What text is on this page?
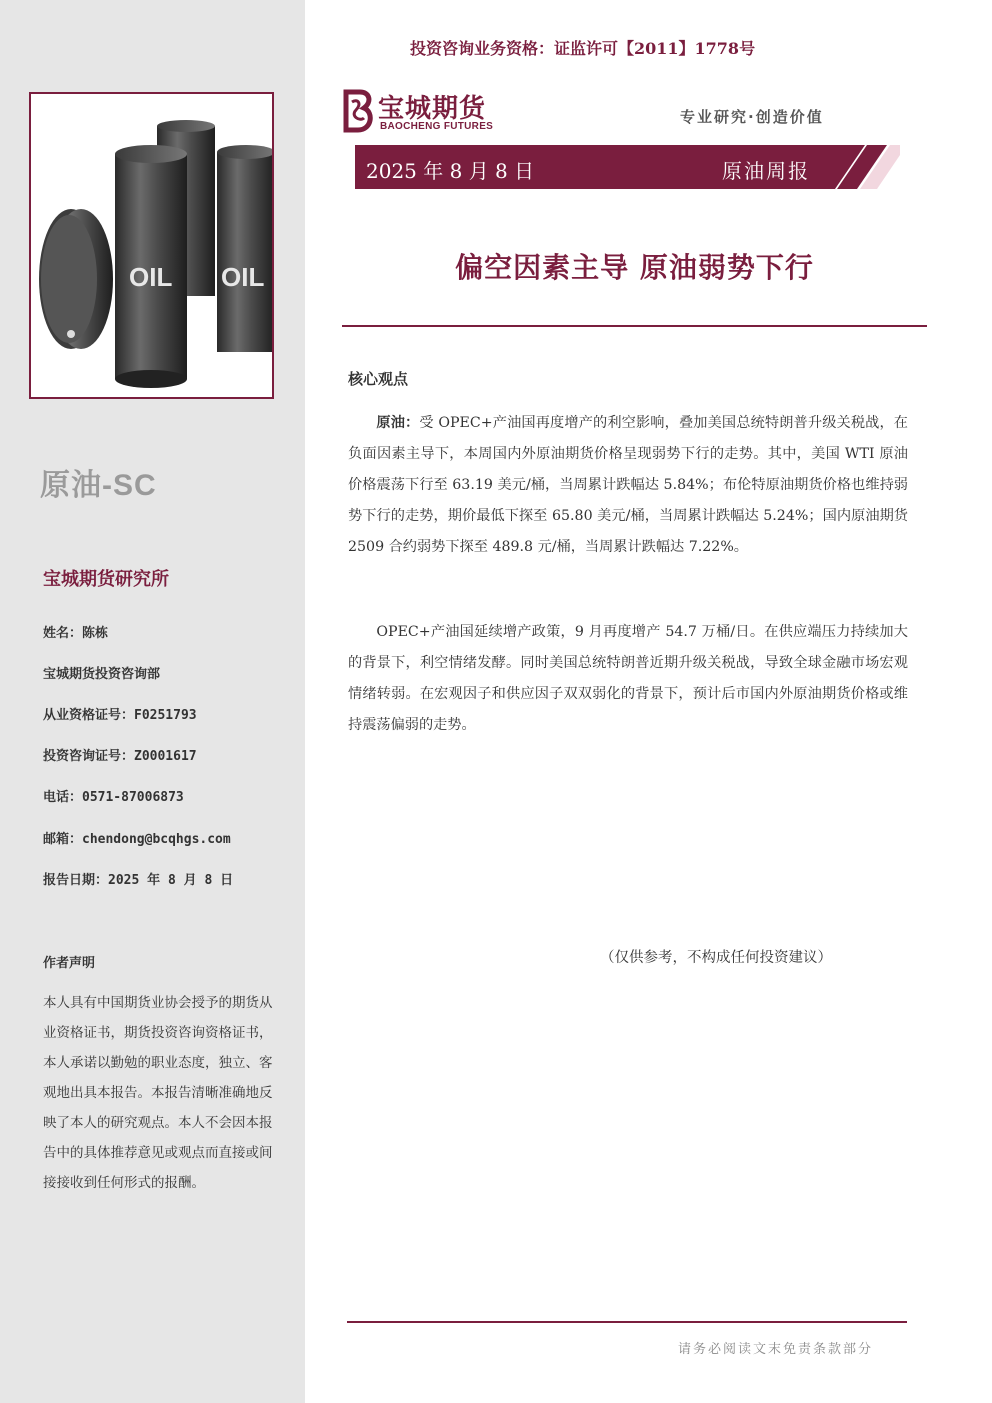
OIL OIL
原油-SC
宝城期货研究所
姓名：陈栋
宝城期货投资咨询部
从业资格证号：F0251793
投资咨询证号：Z0001617
电话：0571-87006873
邮箱：chendong@bcqhgs.com
报告日期：2025 年 8 月 8 日
作者声明
本人具有中国期货业协会授予的期货从业资格证书，期货投资咨询资格证书，本人承诺以勤勉的职业态度，独立、客观地出具本报告。本报告清晰准确地反映了本人的研究观点。本人不会因本报告中的具体推荐意见或观点而直接或间接接收到任何形式的报酬。
投资咨询业务资格：证监许可【2011】1778号
宝城期货
BAOCHENG FUTURES
专业研究·创造价值
2025 年 8 月 8 日	原油周报
偏空因素主导 原油弱势下行
核心观点
原油：受 OPEC+产油国再度增产的利空影响，叠加美国总统特朗普升级关税战，在负面因素主导下，本周国内外原油期货价格呈现弱势下行的走势。其中，美国 WTI 原油价格震荡下行至 63.19 美元/桶，当周累计跌幅达 5.84%；布伦特原油期货价格也维持弱势下行的走势，期价最低下探至 65.80 美元/桶，当周累计跌幅达 5.24%；国内原油期货 2509 合约弱势下探至 489.8 元/桶，当周累计跌幅达 7.22%。
OPEC+产油国延续增产政策，9 月再度增产 54.7 万桶/日。在供应端压力持续加大的背景下，利空情绪发酵。同时美国总统特朗普近期升级关税战，导致全球金融市场宏观情绪转弱。在宏观因子和供应因子双双弱化的背景下，预计后市国内外原油期货价格或维持震荡偏弱的走势。
（仅供参考，不构成任何投资建议）
请务必阅读文末免责条款部分
